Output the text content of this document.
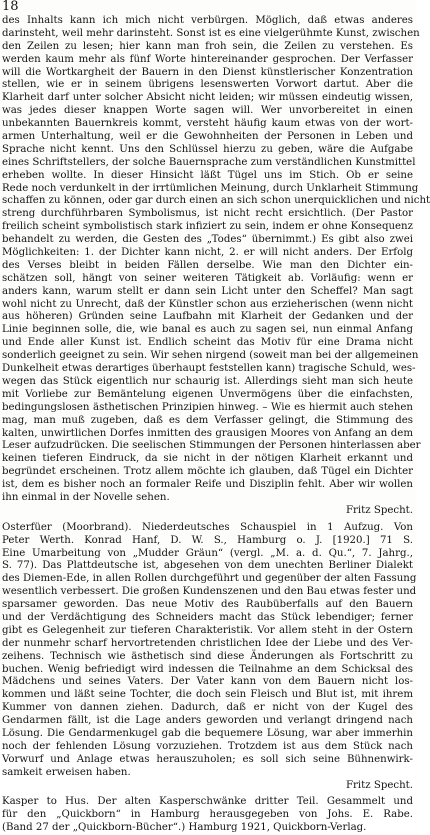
18
des Inhalts kann ich mich nicht verbürgen. Möglich, daß etwas anderes
darinsteht, weil mehr darinsteht. Sonst ist es eine vielgerühmte Kunst, zwischen
den Zeilen zu lesen; hier kann man froh sein, die Zeilen zu verstehen. Es
werden kaum mehr als fünf Worte hintereinander gesprochen. Der Verfasser
will die Wortkargheit der Bauern in den Dienst künstlerischer Konzentration
stellen, wie er in seinem übrigens lesenswerten Vorwort dartut. Aber die
Klarheit darf unter solcher Absicht nicht leiden; wir müssen eindeutig wissen,
was jedes dieser knappen Worte sagen will. Wer unvorbereitet in einen
unbekannten Bauernkreis kommt, versteht häufig kaum etwas von der wort-
armen Unterhaltung, weil er die Gewohnheiten der Personen in Leben und
Sprache nicht kennt. Uns den Schlüssel hierzu zu geben, wäre die Aufgabe
eines Schriftstellers, der solche Bauernsprache zum verständlichen Kunstmittel
erheben wollte. In dieser Hinsicht läßt Tügel uns im Stich. Ob er seine
Rede noch verdunkelt in der irrtümlichen Meinung, durch Unklarheit Stimmung
schaffen zu können, oder gar durch einen an sich schon unerquicklichen und nicht
streng durchführbaren Symbolismus, ist nicht recht ersichtlich. (Der Pastor
freilich scheint symbolistisch stark infiziert zu sein, indem er ohne Konsequenz
behandelt zu werden, die Gesten des „Todes“ übernimmt.) Es gibt also zwei
Möglichkeiten: 1. der Dichter kann nicht, 2. er will nicht anders. Der Erfolg
des Verses bleibt in beiden Fällen derselbe. Wie man den Dichter ein-
schätzen soll, hängt von seiner weiteren Tätigkeit ab. Vorläufig: wenn er
anders kann, warum stellt er dann sein Licht unter den Scheffel? Man sagt
wohl nicht zu Unrecht, daß der Künstler schon aus erzieherischen (wenn nicht
aus höheren) Gründen seine Laufbahn mit Klarheit der Gedanken und der
Linie beginnen solle, die, wie banal es auch zu sagen sei, nun einmal Anfang
und Ende aller Kunst ist. Endlich scheint das Motiv für eine Drama nicht
sonderlich geeignet zu sein. Wir sehen nirgend (soweit man bei der allgemeinen
Dunkelheit etwas derartiges überhaupt feststellen kann) tragische Schuld, wes-
wegen das Stück eigentlich nur schaurig ist. Allerdings sieht man sich heute
mit Vorliebe zur Bemäntelung eigenen Unvermögens über die einfachsten,
bedingungslosen ästhetischen Prinzipien hinweg. – Wie es hiermit auch stehen
mag, man muß zugeben, daß es dem Verfasser gelingt, die Stimmung des
kalten, unwirtlichen Dorfes inmitten des grausigen Moores von Anfang an dem
Leser aufzudrücken. Die seelischen Stimmungen der Personen hinterlassen aber
keinen tieferen Eindruck, da sie nicht in der nötigen Klarheit erkannt und
begründet erscheinen. Trotz allem möchte ich glauben, daß Tügel ein Dichter
ist, dem es bisher noch an formaler Reife und Disziplin fehlt. Aber wir wollen
ihn einmal in der Novelle sehen.
Fritz Specht.
Osterfüer (Moorbrand). Niederdeutsches Schauspiel in 1 Aufzug. Von
Peter Werth. Konrad Hanf, D. W. S., Hamburg o. J. [1920.] 71 S.
Eine Umarbeitung von „Mudder Gräun“ (vergl. „M. a. d. Qu.“, 7. Jahrg.,
S. 77). Das Plattdeutsche ist, abgesehen von dem unechten Berliner Dialekt
des Diemen-Ede, in allen Rollen durchgeführt und gegenüber der alten Fassung
wesentlich verbessert. Die großen Kundenszenen und den Bau etwas fester und
sparsamer geworden. Das neue Motiv des Raubüberfalls auf den Bauern
und der Verdächtigung des Schneiders macht das Stück lebendiger; ferner
gibt es Gelegenheit zur tieferen Charakteristik. Vor allem steht in der Ostern
der nunmehr scharf hervortretenden christlichen Idee der Liebe und des Ver-
zeihens. Technisch wie ästhetisch sind diese Änderungen als Fortschritt zu
buchen. Wenig befriedigt wird indessen die Teilnahme an dem Schicksal des
Mädchens und seines Vaters. Der Vater kann von dem Bauern nicht los-
kommen und läßt seine Tochter, die doch sein Fleisch und Blut ist, mit ihrem
Kummer von dannen ziehen. Dadurch, daß er nicht von der Kugel des
Gendarmen fällt, ist die Lage anders geworden und verlangt dringend nach
Lösung. Die Gendarmenkugel gab die bequemere Lösung, war aber immerhin
noch der fehlenden Lösung vorzuziehen. Trotzdem ist aus dem Stück nach
Vorwurf und Anlage etwas herauszuholen; es soll sich seine Bühnenwirk-
samkeit erweisen haben.
Fritz Specht.
Kasper to Hus. Der alten Kasperschwänke dritter Teil. Gesammelt und
für den „Quickborn“ in Hamburg herausgegeben von Johs. E. Rabe.
(Band 27 der „Quickborn-Bücher“.) Hamburg 1921, Quickborn-Verlag.
